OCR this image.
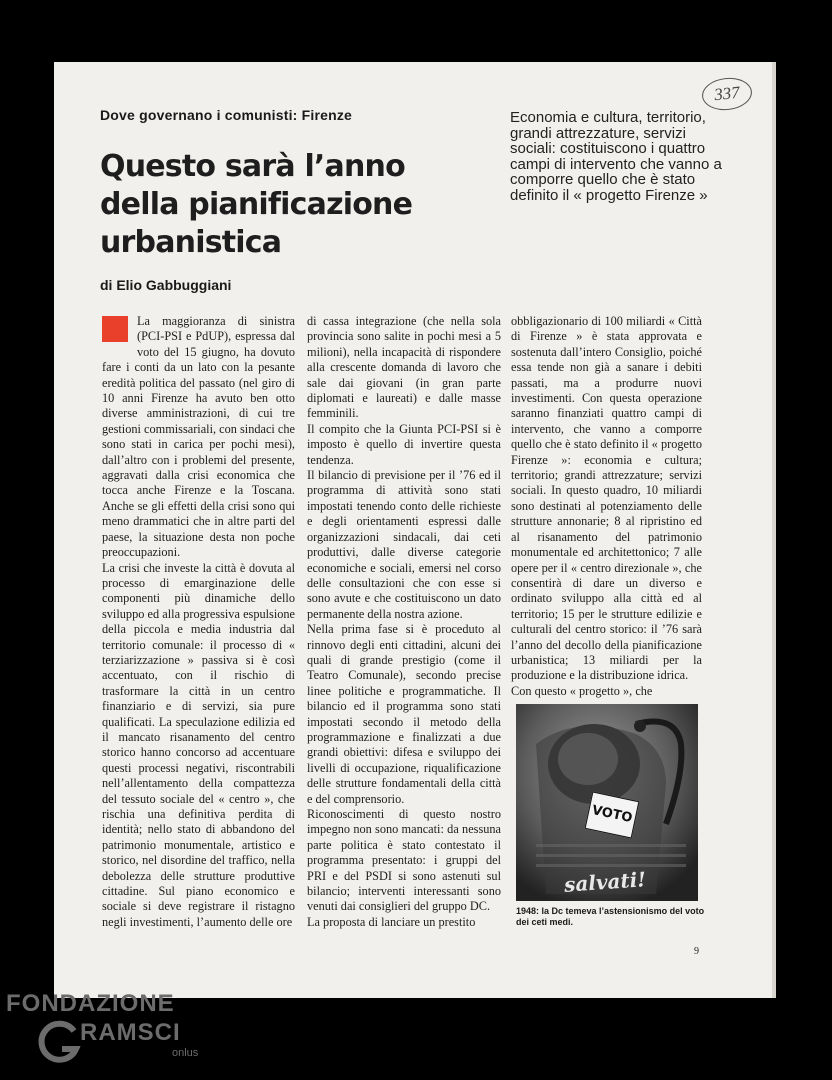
337
Dove governano i comunisti: Firenze
Questo sarà l’anno della pianificazione urbanistica
Economia e cultura, territorio, grandi attrezzature, servizi sociali: costituiscono i quattro campi di intervento che vanno a comporre quello che è stato definito il « progetto Firenze »
di Elio Gabbuggiani

La maggioranza di sinistra (PCI-PSI e PdUP), espressa dal voto del 15 giugno, ha dovuto fare i conti da un lato con la pesante eredità politica del passato (nel giro di 10 anni Firenze ha avuto ben otto diverse amministrazioni, di cui tre gestioni commissariali, con sindaci che sono stati in carica per pochi mesi), dall’altro con i problemi del presente, aggravati dalla crisi economica che tocca anche Firenze e la Toscana. Anche se gli effetti della crisi sono qui meno drammatici che in altre parti del paese, la situazione desta non poche preoccupazioni.

La crisi che investe la città è dovuta al processo di emarginazione delle componenti più dinamiche dello sviluppo ed alla progressiva espulsione della piccola e media industria dal territorio comunale: il processo di « terziarizzazione » passiva si è così accentuato, con il rischio di trasformare la città in un centro finanziario e di servizi, sia pure qualificati. La speculazione edilizia ed il mancato risanamento del centro storico hanno concorso ad accentuare questi processi negativi, riscontrabili nell’allentamento della compattezza del tessuto sociale del « centro », che rischia una definitiva perdita di identità; nello stato di abbandono del patrimonio monumentale, artistico e storico, nel disordine del traffico, nella debolezza delle strutture produttive cittadine. Sul piano economico e sociale si deve registrare il ristagno negli investimenti, l’aumento delle ore

di cassa integrazione (che nella sola provincia sono salite in pochi mesi a 5 milioni), nella incapacità di rispondere alla crescente domanda di lavoro che sale dai giovani (in gran parte diplomati e laureati) e dalle masse femminili.

Il compito che la Giunta PCI-PSI si è imposto è quello di invertire questa tendenza.

Il bilancio di previsione per il ’76 ed il programma di attività sono stati impostati tenendo conto delle richieste e degli orientamenti espressi dalle organizzazioni sindacali, dai ceti produttivi, dalle diverse categorie economiche e sociali, emersi nel corso delle consultazioni che con esse si sono avute e che costituiscono un dato permanente della nostra azione.

Nella prima fase si è proceduto al rinnovo degli enti cittadini, alcuni dei quali di grande prestigio (come il Teatro Comunale), secondo precise linee politiche e programmatiche. Il bilancio ed il programma sono stati impostati secondo il metodo della programmazione e finalizzati a due grandi obiettivi: difesa e sviluppo dei livelli di occupazione, riqualificazione delle strutture fondamentali della città e del comprensorio.

Riconoscimenti di questo nostro impegno non sono mancati: da nessuna parte politica è stato contestato il programma presentato: i gruppi del PRI e del PSDI si sono astenuti sul bilancio; interventi interessanti sono venuti dai consiglieri del gruppo DC.

La proposta di lanciare un prestito

obbligazionario di 100 miliardi « Città di Firenze » è stata approvata e sostenuta dall’intero Consiglio, poiché essa tende non già a sanare i debiti passati, ma a produrre nuovi investimenti. Con questa operazione saranno finanziati quattro campi di intervento, che vanno a comporre quello che è stato definito il « progetto Firenze »: economia e cultura; territorio; grandi attrezzature; servizi sociali. In questo quadro, 10 miliardi sono destinati al potenziamento delle strutture annonarie; 8 al ripristino ed al risanamento del patrimonio monumentale ed architettonico; 7 alle opere per il « centro direzionale », che consentirà di dare un diverso e ordinato sviluppo alla città ed al territorio; 15 per le strutture edilizie e culturali del centro storico: il ’76 sarà l’anno del decollo della pianificazione urbanistica; 13 miliardi per la produzione e la distribuzione idrica.

Con questo « progetto », che

VOTO
salvati!
1948: la Dc temeva l’astensionismo del voto dei ceti medi.
9
FONDAZIONE
RAMSCI
onlus
